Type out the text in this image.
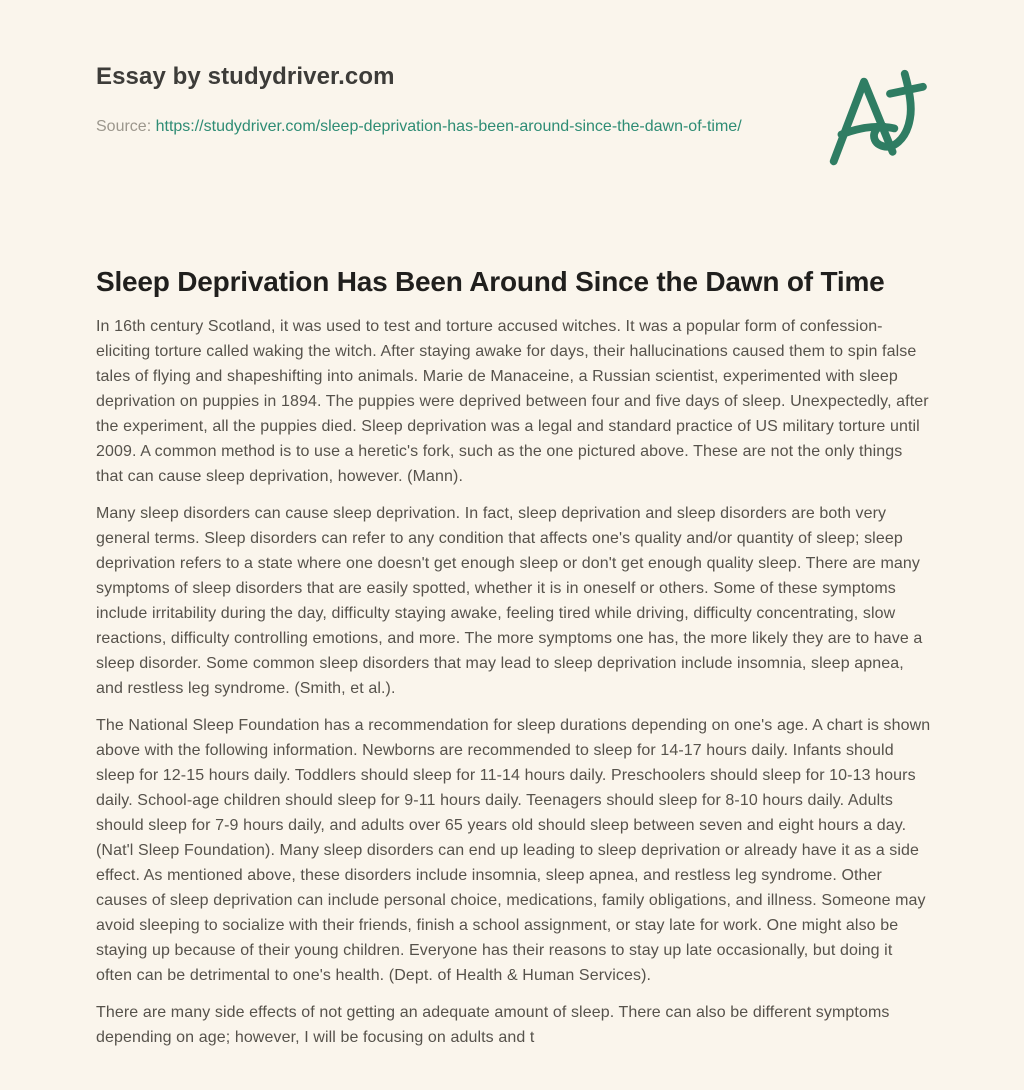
Essay by studydriver.com

Source: https://studydriver.com/sleep-deprivation-has-been-around-since-the-dawn-of-time/

Sleep Deprivation Has Been Around Since the Dawn of Time

In 16th century Scotland, it was used to test and torture accused witches. It was a popular form of confession-eliciting torture called waking the witch. After staying awake for days, their hallucinations caused them to spin false tales of flying and shapeshifting into animals. Marie de Manaceine, a Russian scientist, experimented with sleep deprivation on puppies in 1894. The puppies were deprived between four and five days of sleep. Unexpectedly, after the experiment, all the puppies died. Sleep deprivation was a legal and standard practice of US military torture until 2009. A common method is to use a heretic's fork, such as the one pictured above. These are not the only things that can cause sleep deprivation, however. (Mann).

Many sleep disorders can cause sleep deprivation. In fact, sleep deprivation and sleep disorders are both very general terms. Sleep disorders can refer to any condition that affects one's quality and/or quantity of sleep; sleep deprivation refers to a state where one doesn't get enough sleep or don't get enough quality sleep. There are many symptoms of sleep disorders that are easily spotted, whether it is in oneself or others. Some of these symptoms include irritability during the day, difficulty staying awake, feeling tired while driving, difficulty concentrating, slow reactions, difficulty controlling emotions, and more. The more symptoms one has, the more likely they are to have a sleep disorder. Some common sleep disorders that may lead to sleep deprivation include insomnia, sleep apnea, and restless leg syndrome. (Smith, et al.).

The National Sleep Foundation has a recommendation for sleep durations depending on one's age. A chart is shown above with the following information. Newborns are recommended to sleep for 14-17 hours daily. Infants should sleep for 12-15 hours daily. Toddlers should sleep for 11-14 hours daily. Preschoolers should sleep for 10-13 hours daily. School-age children should sleep for 9-11 hours daily. Teenagers should sleep for 8-10 hours daily. Adults should sleep for 7-9 hours daily, and adults over 65 years old should sleep between seven and eight hours a day. (Nat'l Sleep Foundation). Many sleep disorders can end up leading to sleep deprivation or already have it as a side effect. As mentioned above, these disorders include insomnia, sleep apnea, and restless leg syndrome. Other causes of sleep deprivation can include personal choice, medications, family obligations, and illness. Someone may avoid sleeping to socialize with their friends, finish a school assignment, or stay late for work. One might also be staying up because of their young children. Everyone has their reasons to stay up late occasionally, but doing it often can be detrimental to one's health. (Dept. of Health & Human Services).

There are many side effects of not getting an adequate amount of sleep. There can also be different symptoms depending on age; however, I will be focusing on adults and t
